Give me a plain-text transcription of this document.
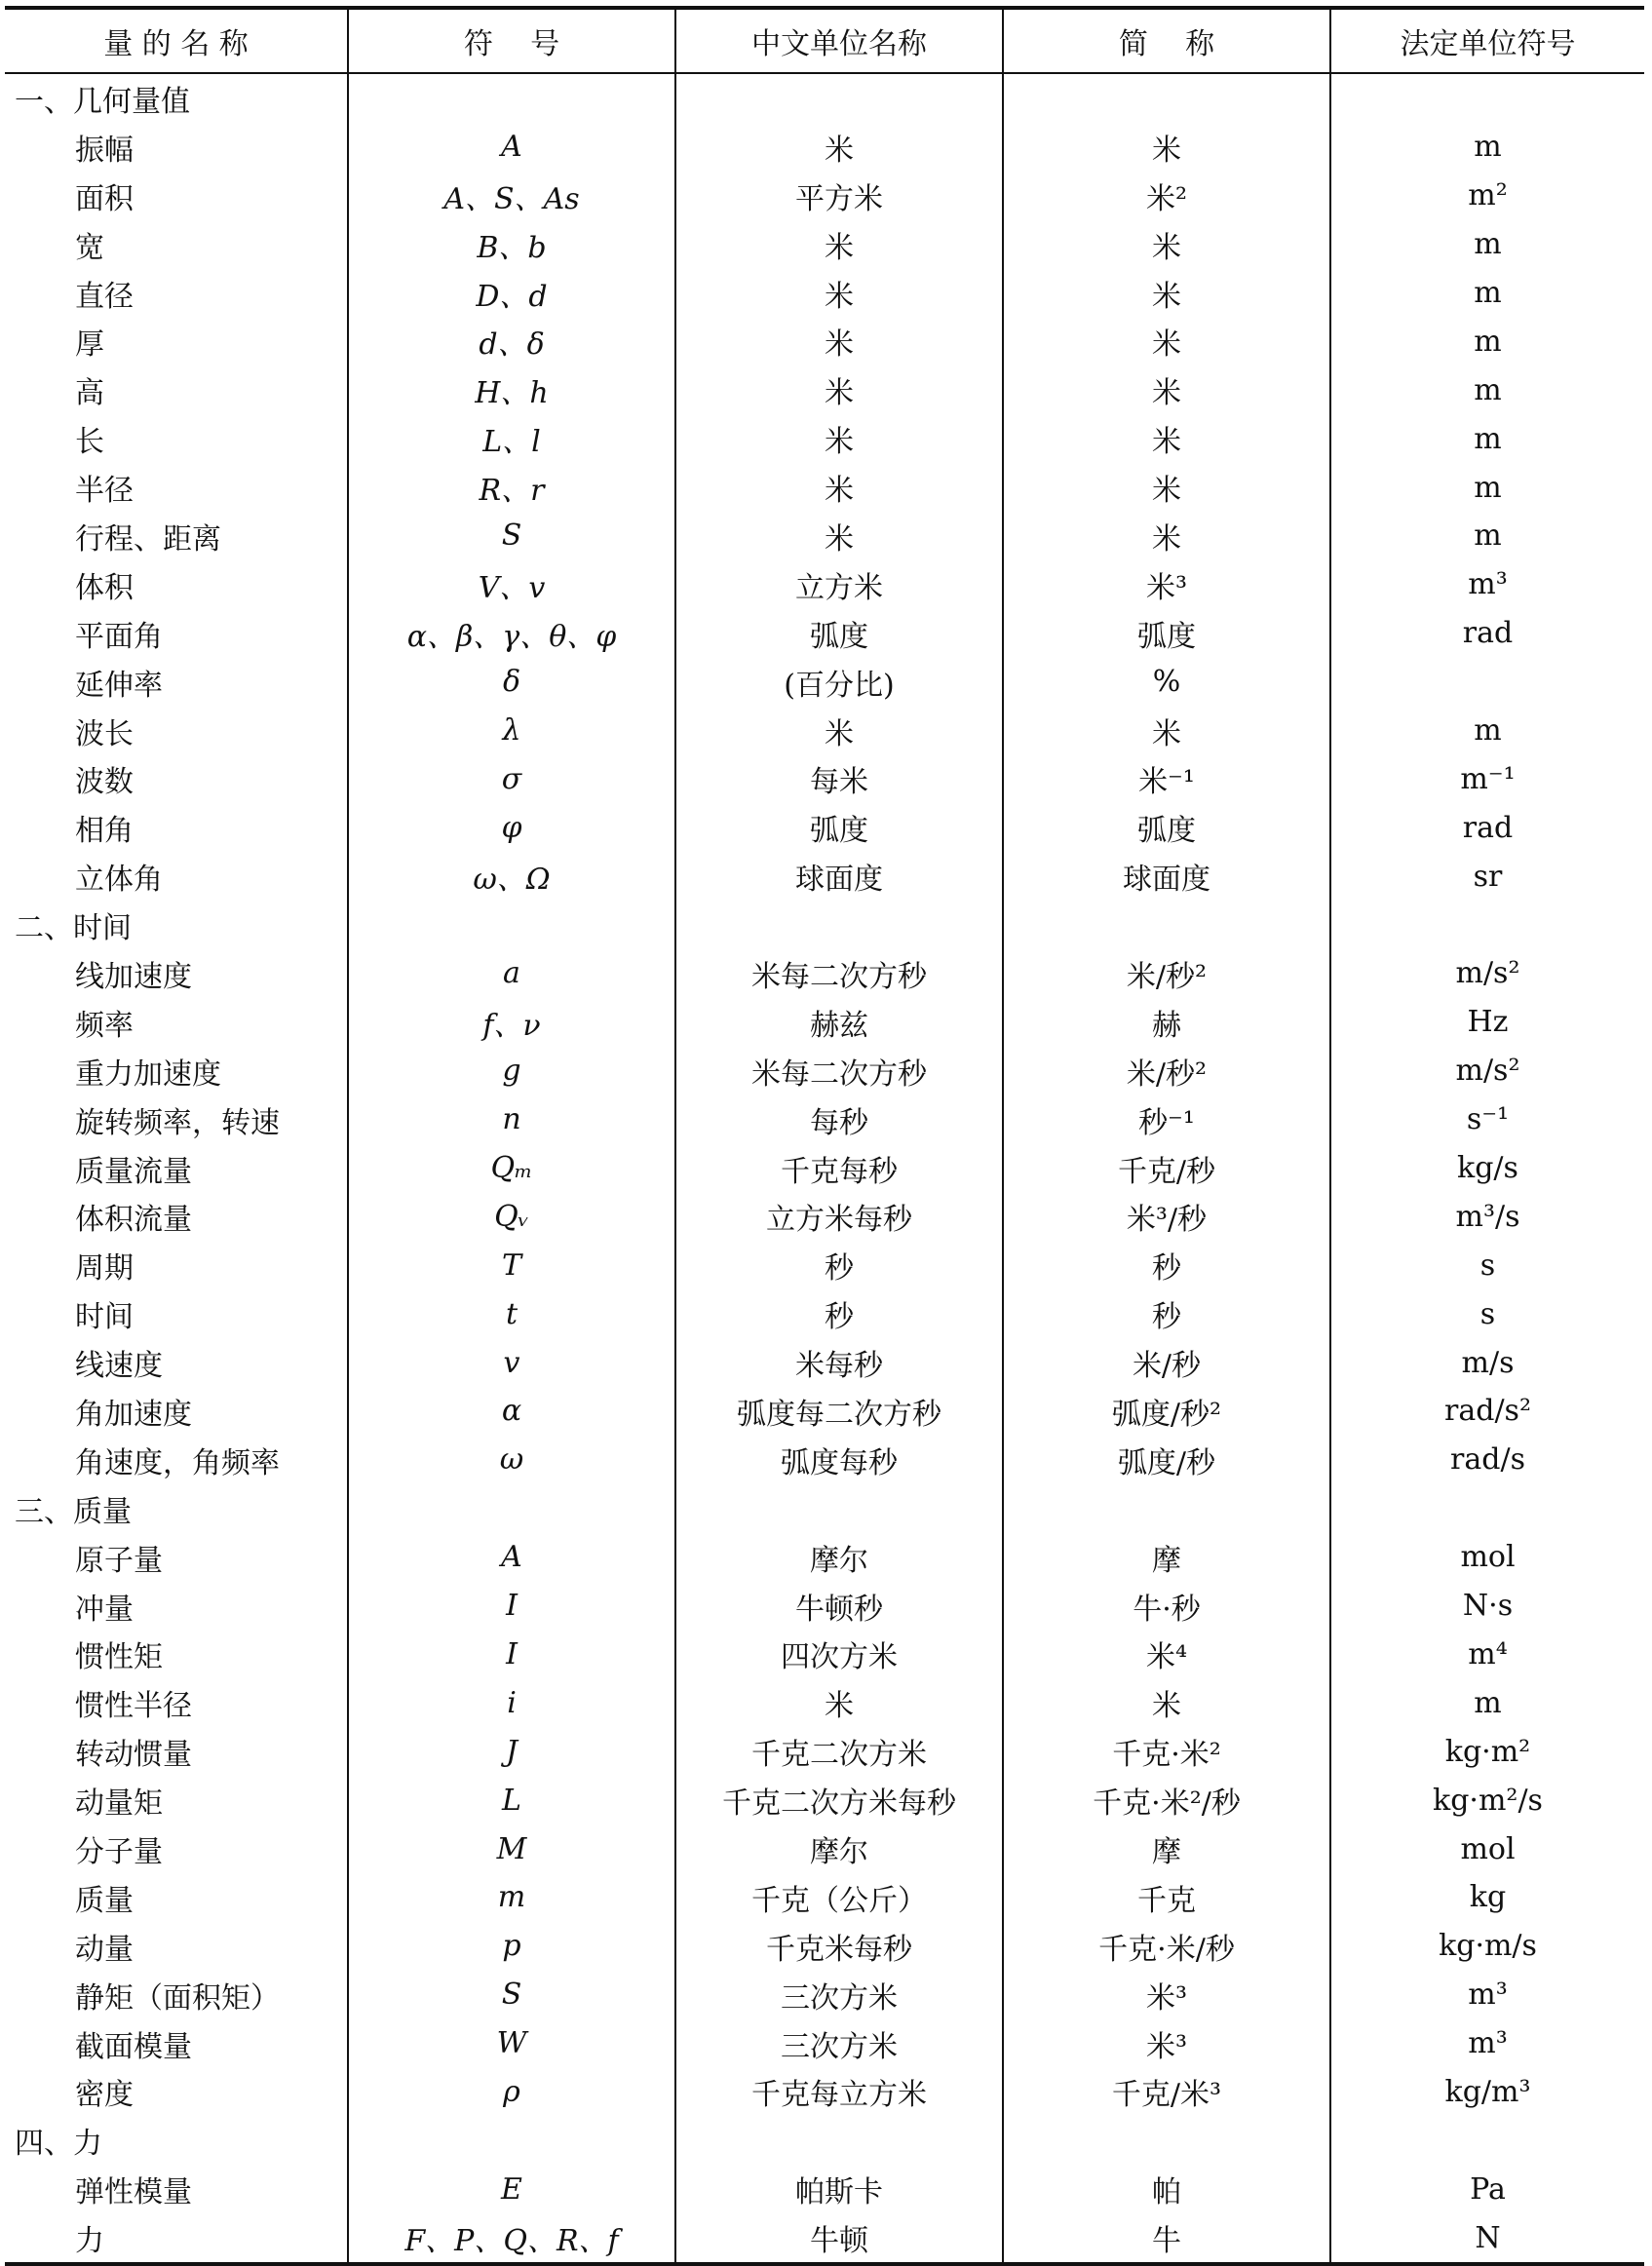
量 的 名 称	符    号	中文单位名称	简    称	法定单位符号
一、几何量值				
振幅	A	米	米	m
面积	A、S、As	平方米	米²	m²
宽	B、b	米	米	m
直径	D、d	米	米	m
厚	d、δ	米	米	m
高	H、h	米	米	m
长	L、l	米	米	m
半径	R、r	米	米	m
行程、距离	S	米	米	m
体积	V、v	立方米	米³	m³
平面角	α、β、γ、θ、φ	弧度	弧度	rad
延伸率	δ	(百分比)	%	
波长	λ	米	米	m
波数	σ	每米	米⁻¹	m⁻¹
相角	φ	弧度	弧度	rad
立体角	ω、Ω	球面度	球面度	sr
二、时间				
线加速度	a	米每二次方秒	米/秒²	m/s²
频率	f、ν	赫兹	赫	Hz
重力加速度	g	米每二次方秒	米/秒²	m/s²
旋转频率，转速	n	每秒	秒⁻¹	s⁻¹
质量流量	Qₘ	千克每秒	千克/秒	kg/s
体积流量	Qᵥ	立方米每秒	米³/秒	m³/s
周期	T	秒	秒	s
时间	t	秒	秒	s
线速度	v	米每秒	米/秒	m/s
角加速度	α	弧度每二次方秒	弧度/秒²	rad/s²
角速度，角频率	ω	弧度每秒	弧度/秒	rad/s
三、质量				
原子量	A	摩尔	摩	mol
冲量	I	牛顿秒	牛·秒	N·s
惯性矩	I	四次方米	米⁴	m⁴
惯性半径	i	米	米	m
转动惯量	J	千克二次方米	千克·米²	kg·m²
动量矩	L	千克二次方米每秒	千克·米²/秒	kg·m²/s
分子量	M	摩尔	摩	mol
质量	m	千克（公斤）	千克	kg
动量	p	千克米每秒	千克·米/秒	kg·m/s
静矩（面积矩）	S	三次方米	米³	m³
截面模量	W	三次方米	米³	m³
密度	ρ	千克每立方米	千克/米³	kg/m³
四、力				
弹性模量	E	帕斯卡	帕	Pa
力	F、P、Q、R、f	牛顿	牛	N
